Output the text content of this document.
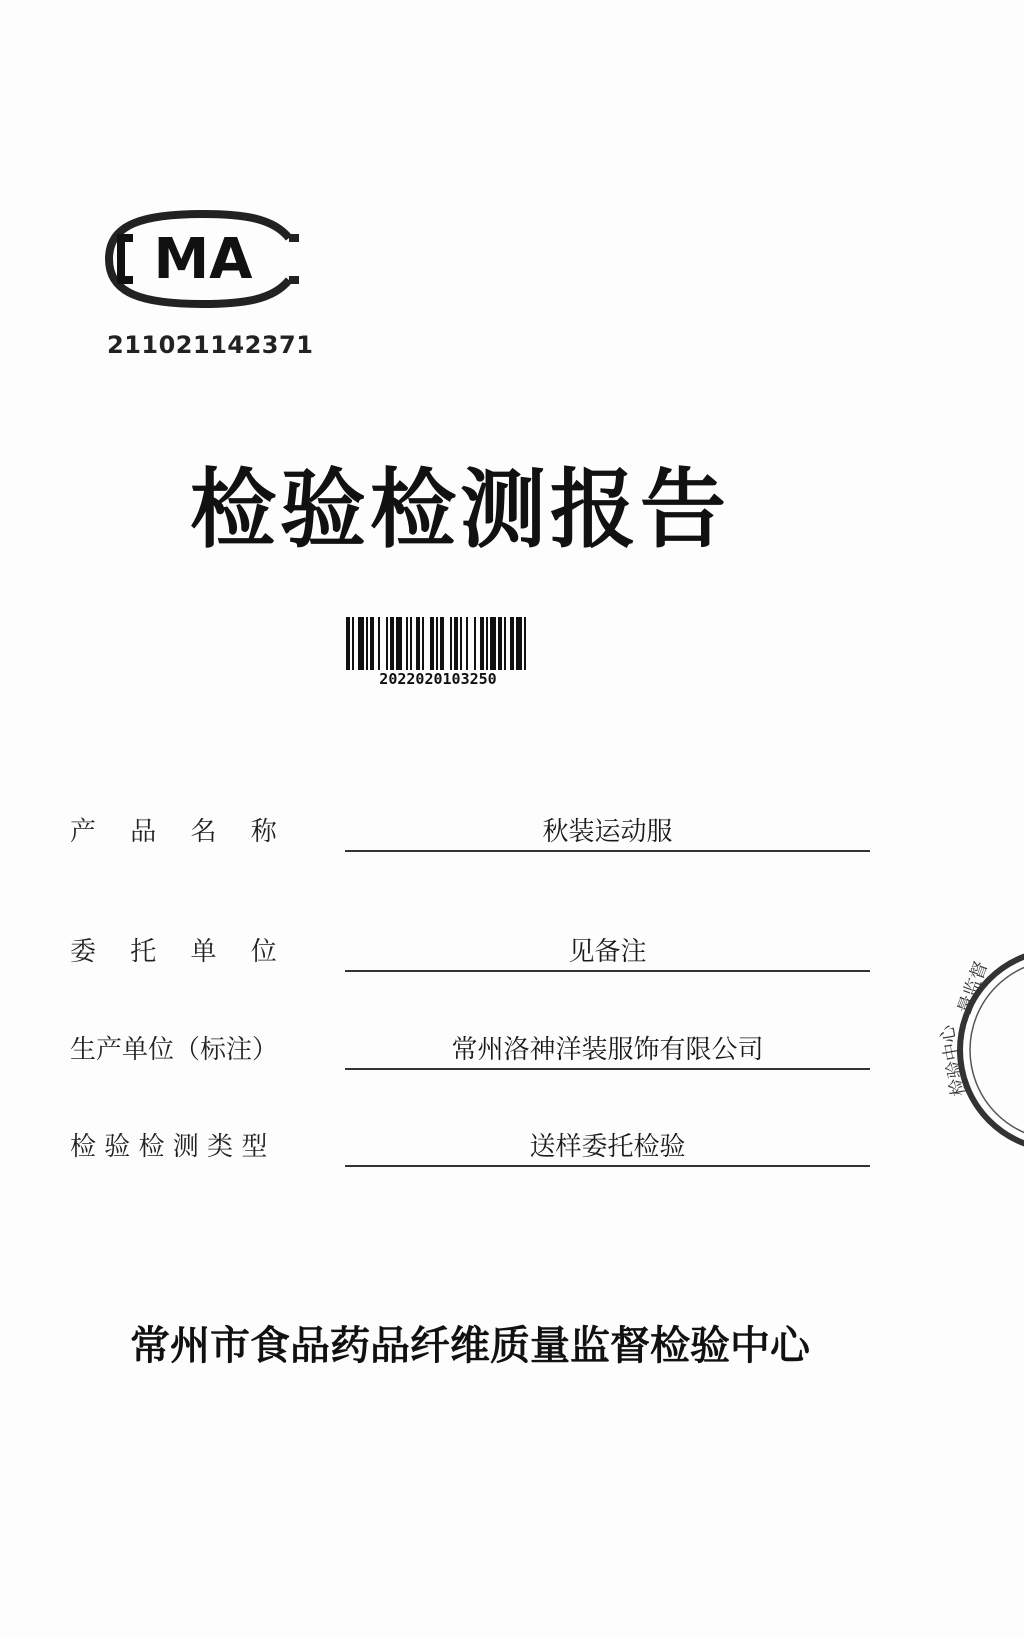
MA
211021142371
检验检测报告
2022020103250
产　 品　 名　 称	秋装运动服
委　 托　 单　 位	见备注
生产单位（标注）	常州洛神洋装服饰有限公司
检 验 检 测 类 型	送样委托检验
常州市食品药品纤维质量监督检验中心
量监督
检验中心
